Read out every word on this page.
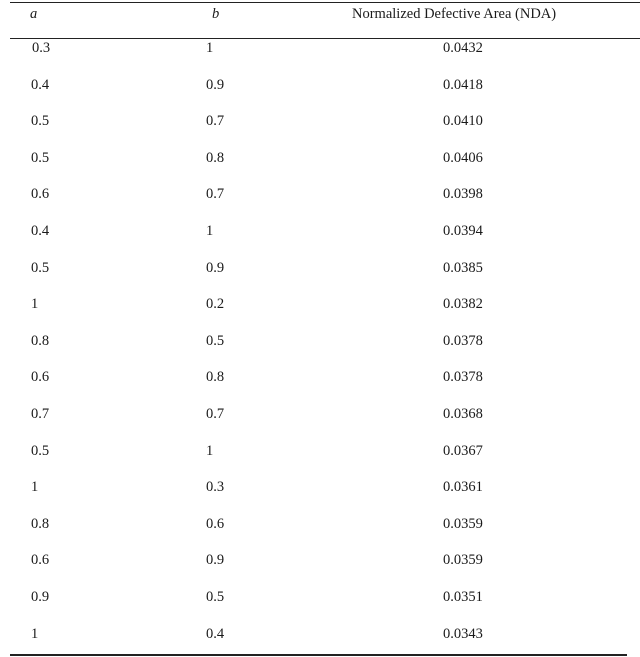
a	b	Normalized Defective Area (NDA)
0.3	1	0.0432
0.4	0.9	0.0418
0.5	0.7	0.0410
0.5	0.8	0.0406
0.6	0.7	0.0398
0.4	1	0.0394
0.5	0.9	0.0385
1	0.2	0.0382
0.8	0.5	0.0378
0.6	0.8	0.0378
0.7	0.7	0.0368
0.5	1	0.0367
1	0.3	0.0361
0.8	0.6	0.0359
0.6	0.9	0.0359
0.9	0.5	0.0351
1	0.4	0.0343
